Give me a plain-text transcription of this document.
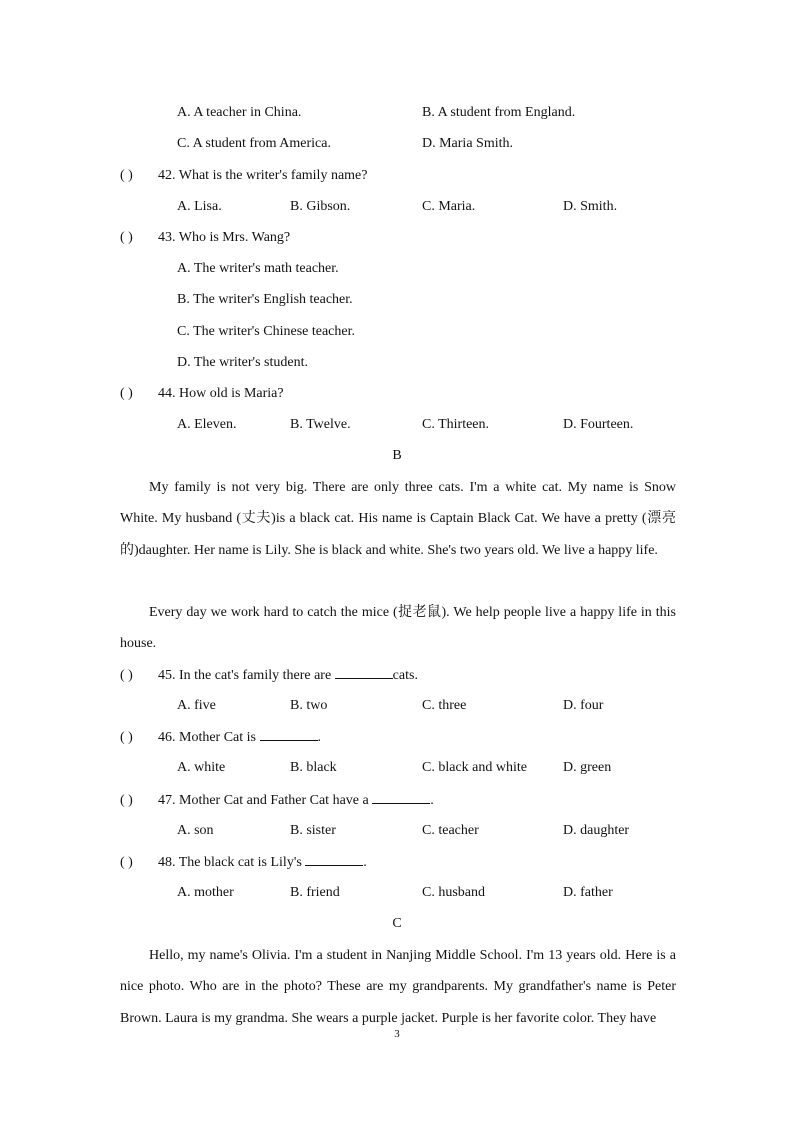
A. A teacher in China.	B. A student from England.
C. A student from America.	D. Maria Smith.
( ) 42. What is the writer's family name?
A. Lisa.	B. Gibson.	C. Maria.	D. Smith.
( ) 43. Who is Mrs. Wang?
A. The writer's math teacher.
B. The writer's English teacher.
C. The writer's Chinese teacher.
D. The writer's student.
( ) 44. How old is Maria?
A. Eleven.	B. Twelve.	C. Thirteen.	D. Fourteen.
B
My family is not very big. There are only three cats. I'm a white cat. My name is Snow White. My husband (丈夫)is a black cat. His name is Captain Black Cat. We have a pretty (漂亮的)daughter. Her name is Lily. She is black and white. She's two years old. We live a happy life.
Every day we work hard to catch the mice (捉老鼠). We help people live a happy life in this house.
( ) 45. In the cat's family there are	cats.
A. five	B. two	C. three	D. four
( ) 46. Mother Cat is	.
A. white	B. black	C. black and white	D. green
( ) 47. Mother Cat and Father Cat have a	.
A. son	B. sister	C. teacher	D. daughter
( ) 48. The black cat is Lily's	.
A. mother	B. friend	C. husband	D. father
C
Hello, my name's Olivia. I'm a student in Nanjing Middle School. I'm 13 years old. Here is a nice photo. Who are in the photo? These are my grandparents. My grandfather's name is Peter Brown. Laura is my grandma. She wears a purple jacket. Purple is her favorite color. They have
3
